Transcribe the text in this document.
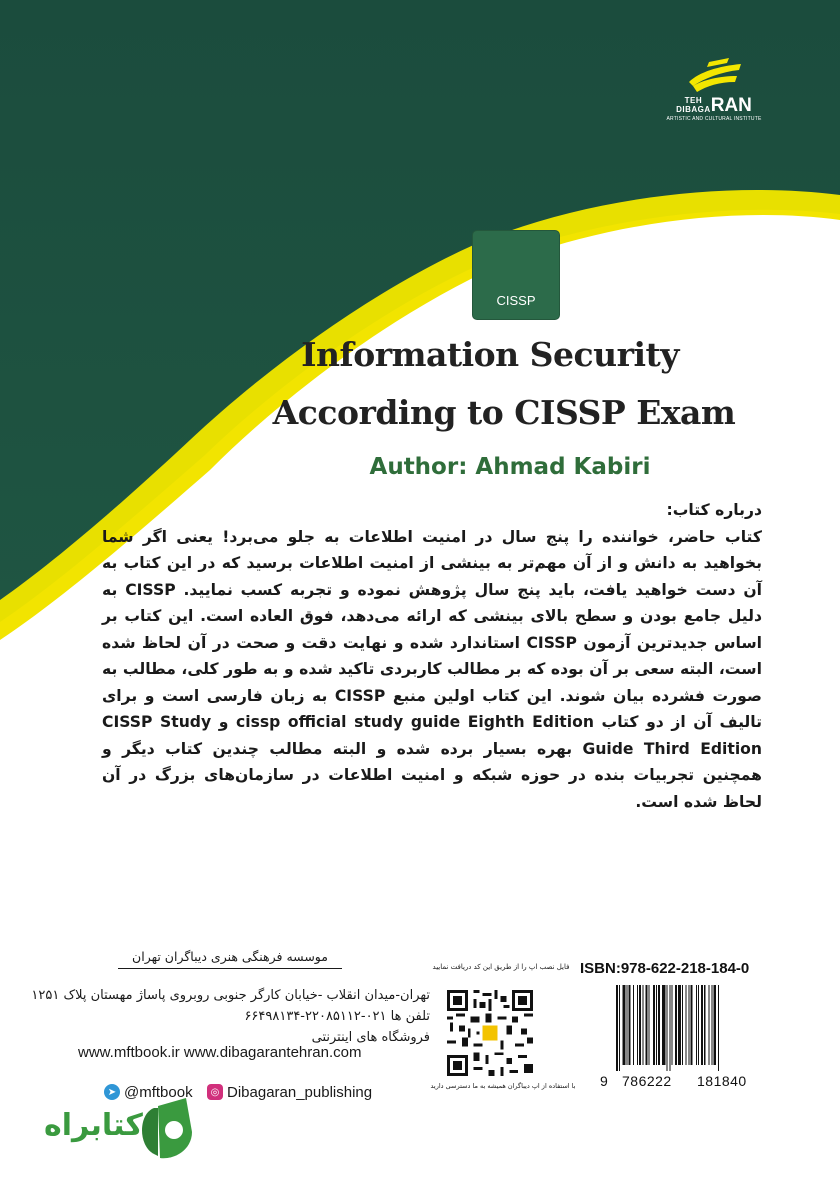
TEH
DIBAGARAN
ARTISTIC AND CULTURAL INSTITUTE
CISSP
Information Security
According to CISSP Exam
Author: Ahmad Kabiri
درباره کتاب:
کتاب حاضر، خواننده را پنج سال در امنیت اطلاعات به جلو می‌برد! یعنی اگر شما بخواهید به دانش و از آن مهم‌تر به بینشی از امنیت اطلاعات برسید که در این کتاب به آن دست خواهید یافت، باید پنج سال پژوهش نموده و تجربه کسب نمایید. CISSP به دلیل جامع بودن و سطح بالای بینشی که ارائه می‌دهد، فوق العاده است. این کتاب بر اساس جدیدترین آزمون CISSP استاندارد شده و نهایت دقت و صحت در آن لحاظ شده است، البته سعی بر آن بوده که بر مطالب کاربردی تاکید شده و به طور کلی، مطالب به صورت فشرده بیان شوند. این کتاب اولین منبع CISSP به زبان فارسی است و برای تالیف آن از دو کتاب cissp official study guide Eighth Edition و CISSP Study Guide Third Edition بهره بسیار برده شده و البته مطالب چندین کتاب دیگر و همچنین تجربیات بنده در حوزه شبکه و امنیت اطلاعات در سازمان‌های بزرگ در آن لحاظ شده است.
موسسه فرهنگی هنری دیباگران تهران
تهران-میدان انقلاب -خیابان کارگر جنوبی روبروی پاساژ مهستان پلاک ۱۲۵۱
تلفن ها ۰۲۱-۲۲۰۸۵۱۱۲-۶۶۴۹۸۱۳۴
فروشگاه های اینترنتی
www.mftbook.ir www.dibagarantehran.com
➤ @mftbook	◎ Dibagaran_publishing
کتابراه
فایل نصب اپ را از طریق این کد دریافت نمایید
با استفاده از اپ دیباگران همیشه به ما دسترسی دارید
ISBN:978-622-218-184-0
9 786222 181840
